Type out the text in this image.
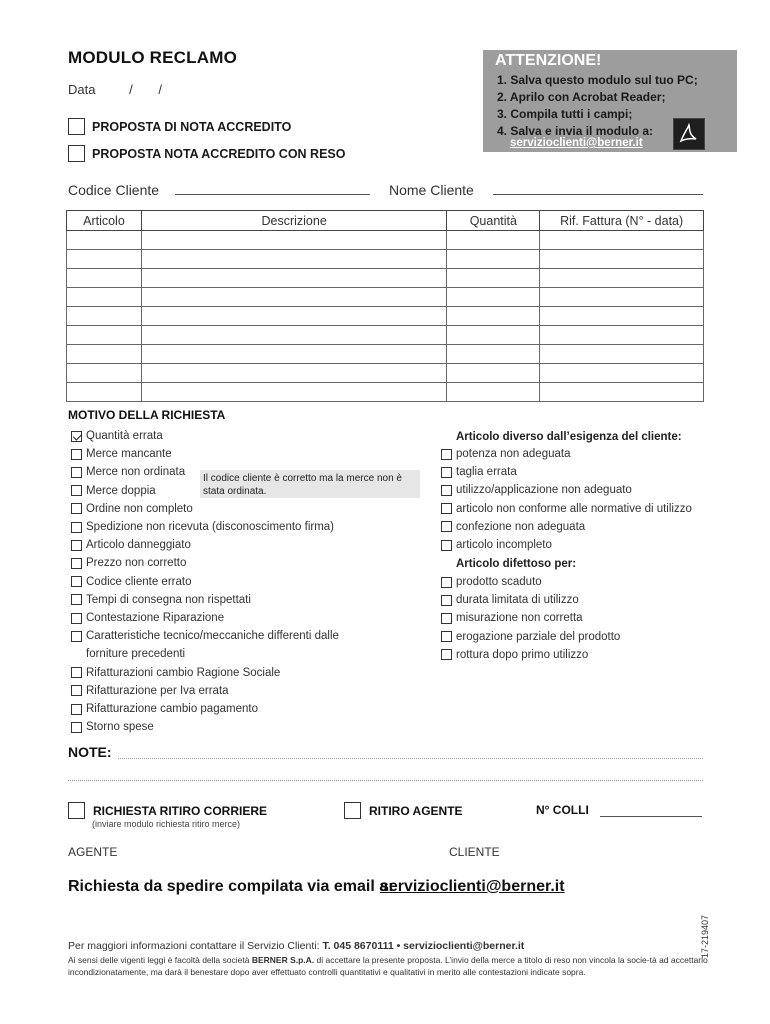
MODULO RECLAMO
Data	/ /
PROPOSTA DI NOTA ACCREDITO
PROPOSTA NOTA ACCREDITO CON RESO
ATTENZIONE!
1. Salva questo modulo sul tuo PC;
2. Aprilo con Acrobat Reader;
3. Compila tutti i campi;
4. Salva e invia il modulo a:
servizioclienti@berner.it
Codice Cliente	Nome Cliente
Articolo	Descrizione	Quantità	Rif. Fattura (N° - data)

MOTIVO DELLA RICHIESTA
Quantità errata
Merce mancante
Merce non ordinata
Merce doppia
Ordine non completo
Spedizione non ricevuta (disconoscimento firma)
Articolo danneggiato
Prezzo non corretto
Codice cliente errato
Tempi di consegna non rispettati
Contestazione Riparazione
Caratteristiche tecnico/meccaniche differenti dalle
forniture precedenti
Rifatturazioni cambio Ragione Sociale
Rifatturazione per Iva errata
Rifatturazione cambio pagamento
Storno spese
Articolo diverso dall’esigenza del cliente:
potenza non adeguata
taglia errata
utilizzo/applicazione non adeguato
articolo non conforme alle normative di utilizzo
confezione non adeguata
articolo incompleto
Articolo difettoso per:
prodotto scaduto
durata limitata di utilizzo
misurazione non corretta
erogazione parziale del prodotto
rottura dopo primo utilizzo
Il codice cliente è corretto ma la merce non è stata ordinata.
NOTE:
RICHIESTA RITIRO CORRIERE
(inviare modulo richiesta ritiro merce)
RITIRO AGENTE	N° COLLI
AGENTE	CLIENTE
Richiesta da spedire compilata via email a:
servizioclienti@berner.it
Per maggiori informazioni contattare il Servizio Clienti: T. 045 8670111 • servizioclienti@berner.it
Ai sensi delle vigenti leggi è facoltà della società BERNER S.p.A. di accettare la presente proposta. L’invio della merce a titolo di reso non vincola la socie-tà ad accettarlo incondizionatamente, ma darà il benestare dopo aver effettuato controlli quantitativi e qualitativi in merito alle contestazioni indicate sopra.
17-219407
